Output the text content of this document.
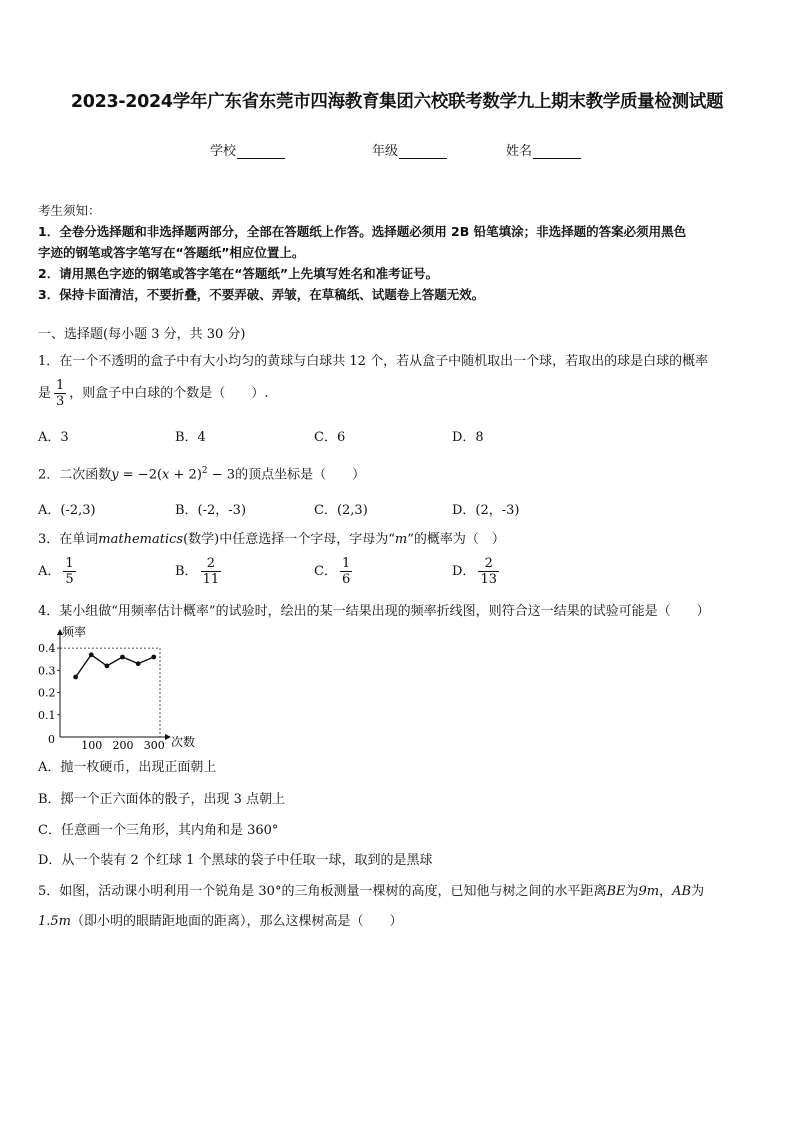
2023-2024学年广东省东莞市四海教育集团六校联考数学九上期末教学质量检测试题
学校	年级	姓名
考生须知：
1．全卷分选择题和非选择题两部分，全部在答题纸上作答。选择题必须用 2B 铅笔填涂；非选择题的答案必须用黑色
字迹的钢笔或答字笔写在“答题纸”相应位置上。
2．请用黑色字迹的钢笔或答字笔在“答题纸”上先填写姓名和准考证号。
3．保持卡面清洁，不要折叠，不要弄破、弄皱，在草稿纸、试题卷上答题无效。
一、选择题(每小题 3 分，共 30 分)
1．在一个不透明的盒子中有大小均匀的黄球与白球共 12 个，若从盒子中随机取出一个球，若取出的球是白球的概率
是 $\frac{1}{3}$ ，则盒子中白球的个数是（　　）.
A．3	B．4	C．6	D．8
2．二次函数$y = -2(x + 2)^2 - 3$的顶点坐标是（　　）
A．(-2,3)	B．(-2，-3)	C．(2,3)	D．(2，-3)
3．在单词mathematics(数学)中任意选择一个字母，字母为“m”的概率为（　）
A． $\frac{1}{5}$	B． $\frac{2}{11}$	C． $\frac{1}{6}$	D． $\frac{2}{13}$
4．某小组做“用频率估计概率”的试验时，绘出的某一结果出现的频率折线图，则符合这一结果的试验可能是（　　）
0.1
0.2
0.3
0.4
100 200 300
频率
次数
0
A．抛一枚硬币，出现正面朝上
B．掷一个正六面体的骰子，出现 3 点朝上
C．任意画一个三角形，其内角和是 360°
D．从一个装有 2 个红球 1 个黑球的袋子中任取一球，取到的是黑球
5．如图，活动课小明利用一个锐角是 30°的三角板测量一棵树的高度，已知他与树之间的水平距离BE为9m，AB为
1.5m（即小明的眼睛距地面的距离），那么这棵树高是（　　）
